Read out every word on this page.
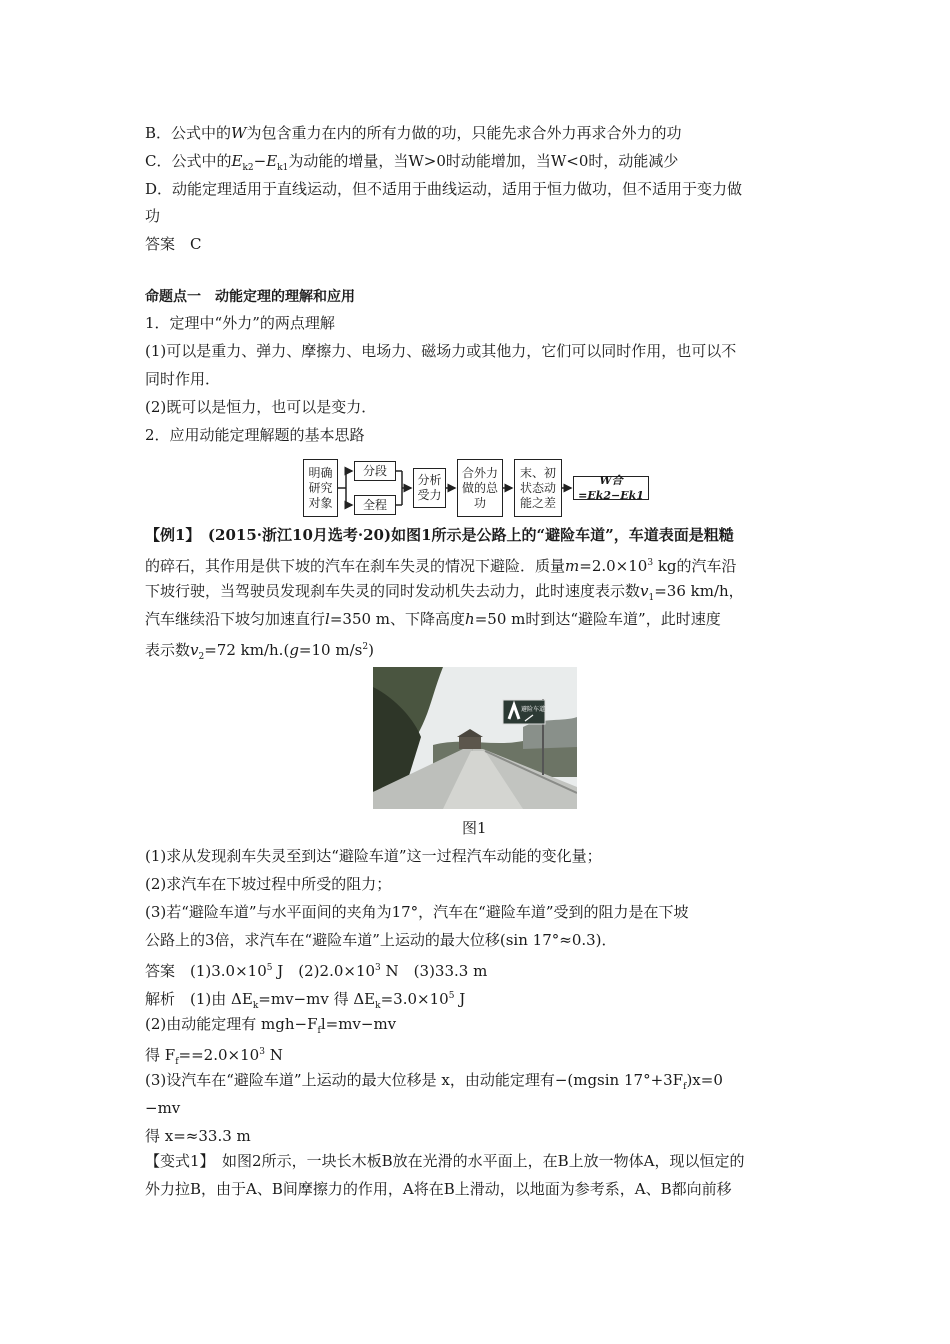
B．公式中的W为包含重力在内的所有力做的功，只能先求合外力再求合外力的功
C．公式中的$E_{k2}-E_{k1}$为动能的增量，当W>0时动能增加，当W<0时，动能减少
D．动能定理适用于直线运动，但不适用于曲线运动，适用于恒力做功，但不适用于变力做
功
答案　C
命题点一　动能定理的理解和应用
1．定理中“外力”的两点理解
(1)可以是重力、弹力、摩擦力、电场力、磁场力或其他力，它们可以同时作用，也可以不
同时作用．
(2)既可以是恒力，也可以是变力．
2．应用动能定理解题的基本思路
明确研究对象
分段
全程
分析受力
合外力做的总功
末、初状态动能之差
W合=Ek2−Ek1
【例1】　(2015·浙江10月选考·20)如图1所示是公路上的“避险车道”，车道表面是粗糙
的碎石，其作用是供下坡的汽车在刹车失灵的情况下避险．质量$m=2.0\times 10^3$ kg的汽车沿
下坡行驶，当驾驶员发现刹车失灵的同时发动机失去动力，此时速度表示数$v_1=36$ km/h，
汽车继续沿下坡匀加速直行l=350 m、下降高度h=50 m时到达“避险车道”，此时速度
表示数$v_2=72$ km/h.(g=10 $m/s^2$)
避险车道
图1
(1)求从发现刹车失灵至到达“避险车道”这一过程汽车动能的变化量；
(2)求汽车在下坡过程中所受的阻力；
(3)若“避险车道”与水平面间的夹角为17°，汽车在“避险车道”受到的阻力是在下坡
公路上的3倍，求汽车在“避险车道”上运动的最大位移(sin 17°≈0.3)．
答案　$(1)3.0\times 10^5$ J　$(2)2.0\times 10^3$ N　(3)33.3 m
解析　(1)由 $\Delta E_k=mv-mv$ 得 $\Delta E_k=3.0\times 10^5$ J
(2)由动能定理有 $mgh-F_fl=mv-mv$
得 $F_f==2.0\times 10^3$ N
(3)设汽车在“避险车道”上运动的最大位移是 x，由动能定理有−(mgsin $17^\circ+3F_f)x=0$
−mv
得 x=≈33.3 m
【变式1】　如图2所示，一块长木板B放在光滑的水平面上，在B上放一物体A，现以恒定的
外力拉B，由于A、B间摩擦力的作用，A将在B上滑动，以地面为参考系，A、B都向前移
